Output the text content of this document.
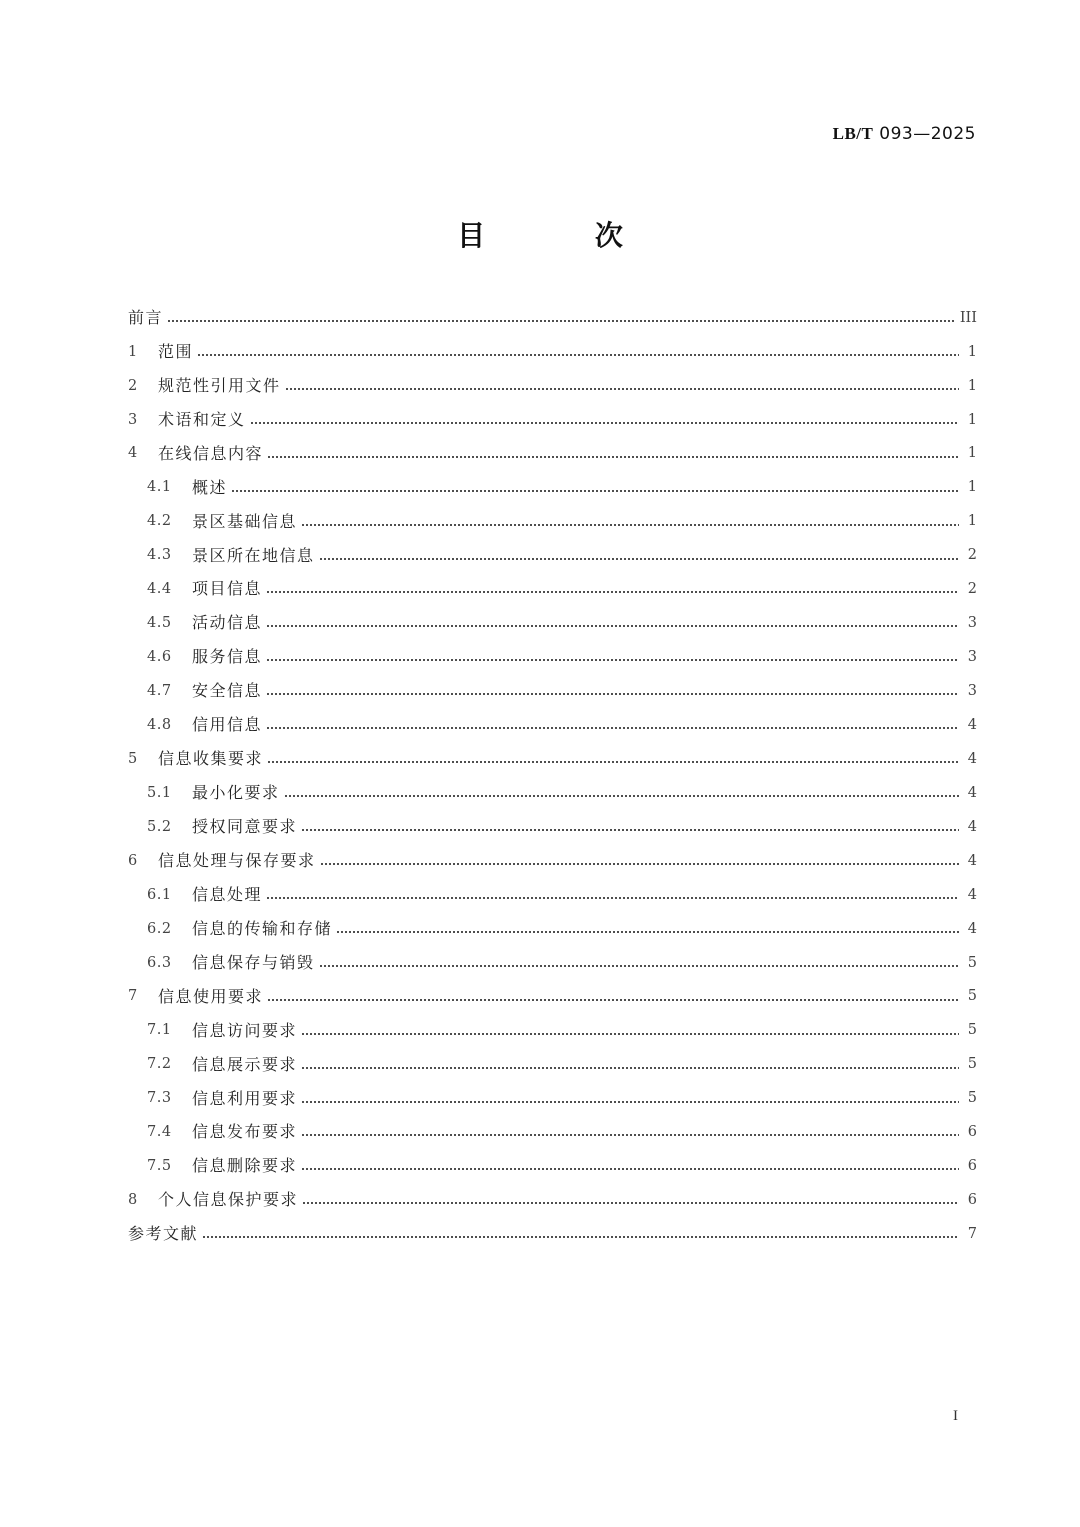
LB/T 093—2025
目 次
前言	III
1	范围	1
2	规范性引用文件	1
3	术语和定义	1
4	在线信息内容	1
4.1	概述	1
4.2	景区基础信息	1
4.3	景区所在地信息	2
4.4	项目信息	2
4.5	活动信息	3
4.6	服务信息	3
4.7	安全信息	3
4.8	信用信息	4
5	信息收集要求	4
5.1	最小化要求	4
5.2	授权同意要求	4
6	信息处理与保存要求	4
6.1	信息处理	4
6.2	信息的传输和存储	4
6.3	信息保存与销毁	5
7	信息使用要求	5
7.1	信息访问要求	5
7.2	信息展示要求	5
7.3	信息利用要求	5
7.4	信息发布要求	6
7.5	信息删除要求	6
8	个人信息保护要求	6
参考文献	7
I
